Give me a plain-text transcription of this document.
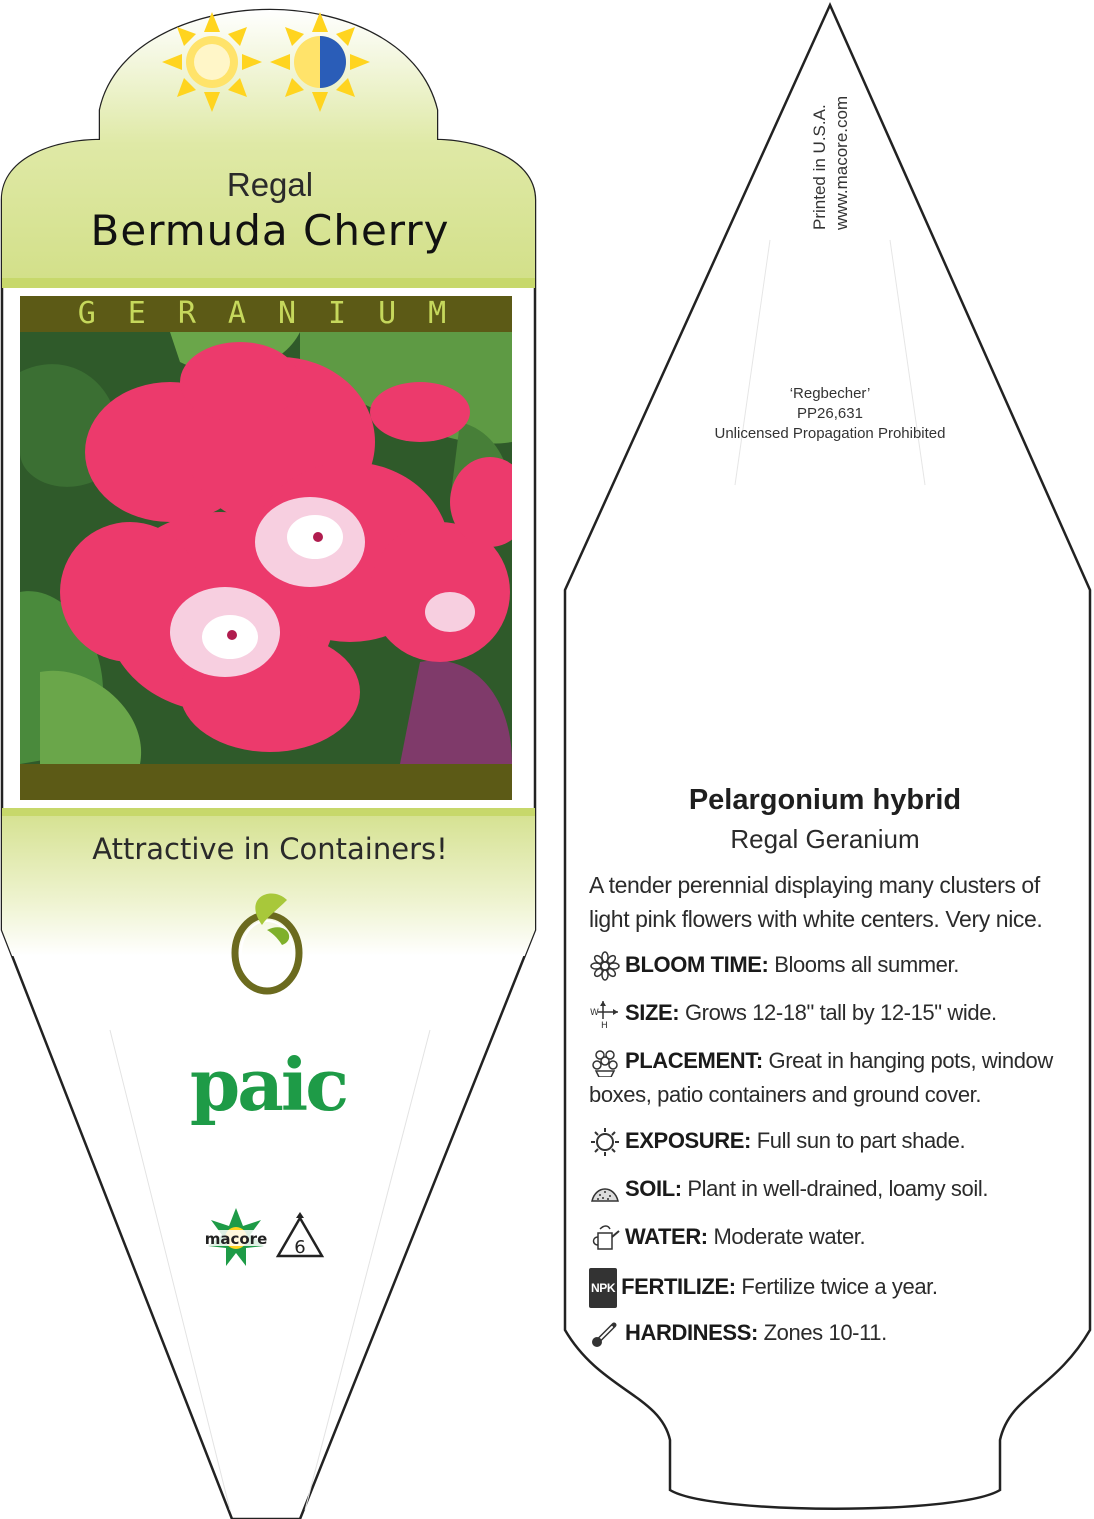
paic
macore 6
Regal
Bermuda Cherry
GERANIUM
Attractive in Containers!
Printed in U.S.A. www.macore.com
‘Regbecher’
PP26,631
Unlicensed Propagation Prohibited
Pelargonium hybrid
Regal Geranium
A tender perennial displaying many clusters of light pink flowers with white centers. Very nice.
BLOOM TIME: Blooms all summer.
W
H
SIZE: Grows 12-18" tall by 12-15" wide.
PLACEMENT: Great in hanging pots, window boxes, patio containers and ground cover.
EXPOSURE: Full sun to part shade.
SOIL: Plant in well-drained, loamy soil.
WATER: Moderate water.
NPK FERTILIZE: Fertilize twice a year.
HARDINESS: Zones 10-11.
